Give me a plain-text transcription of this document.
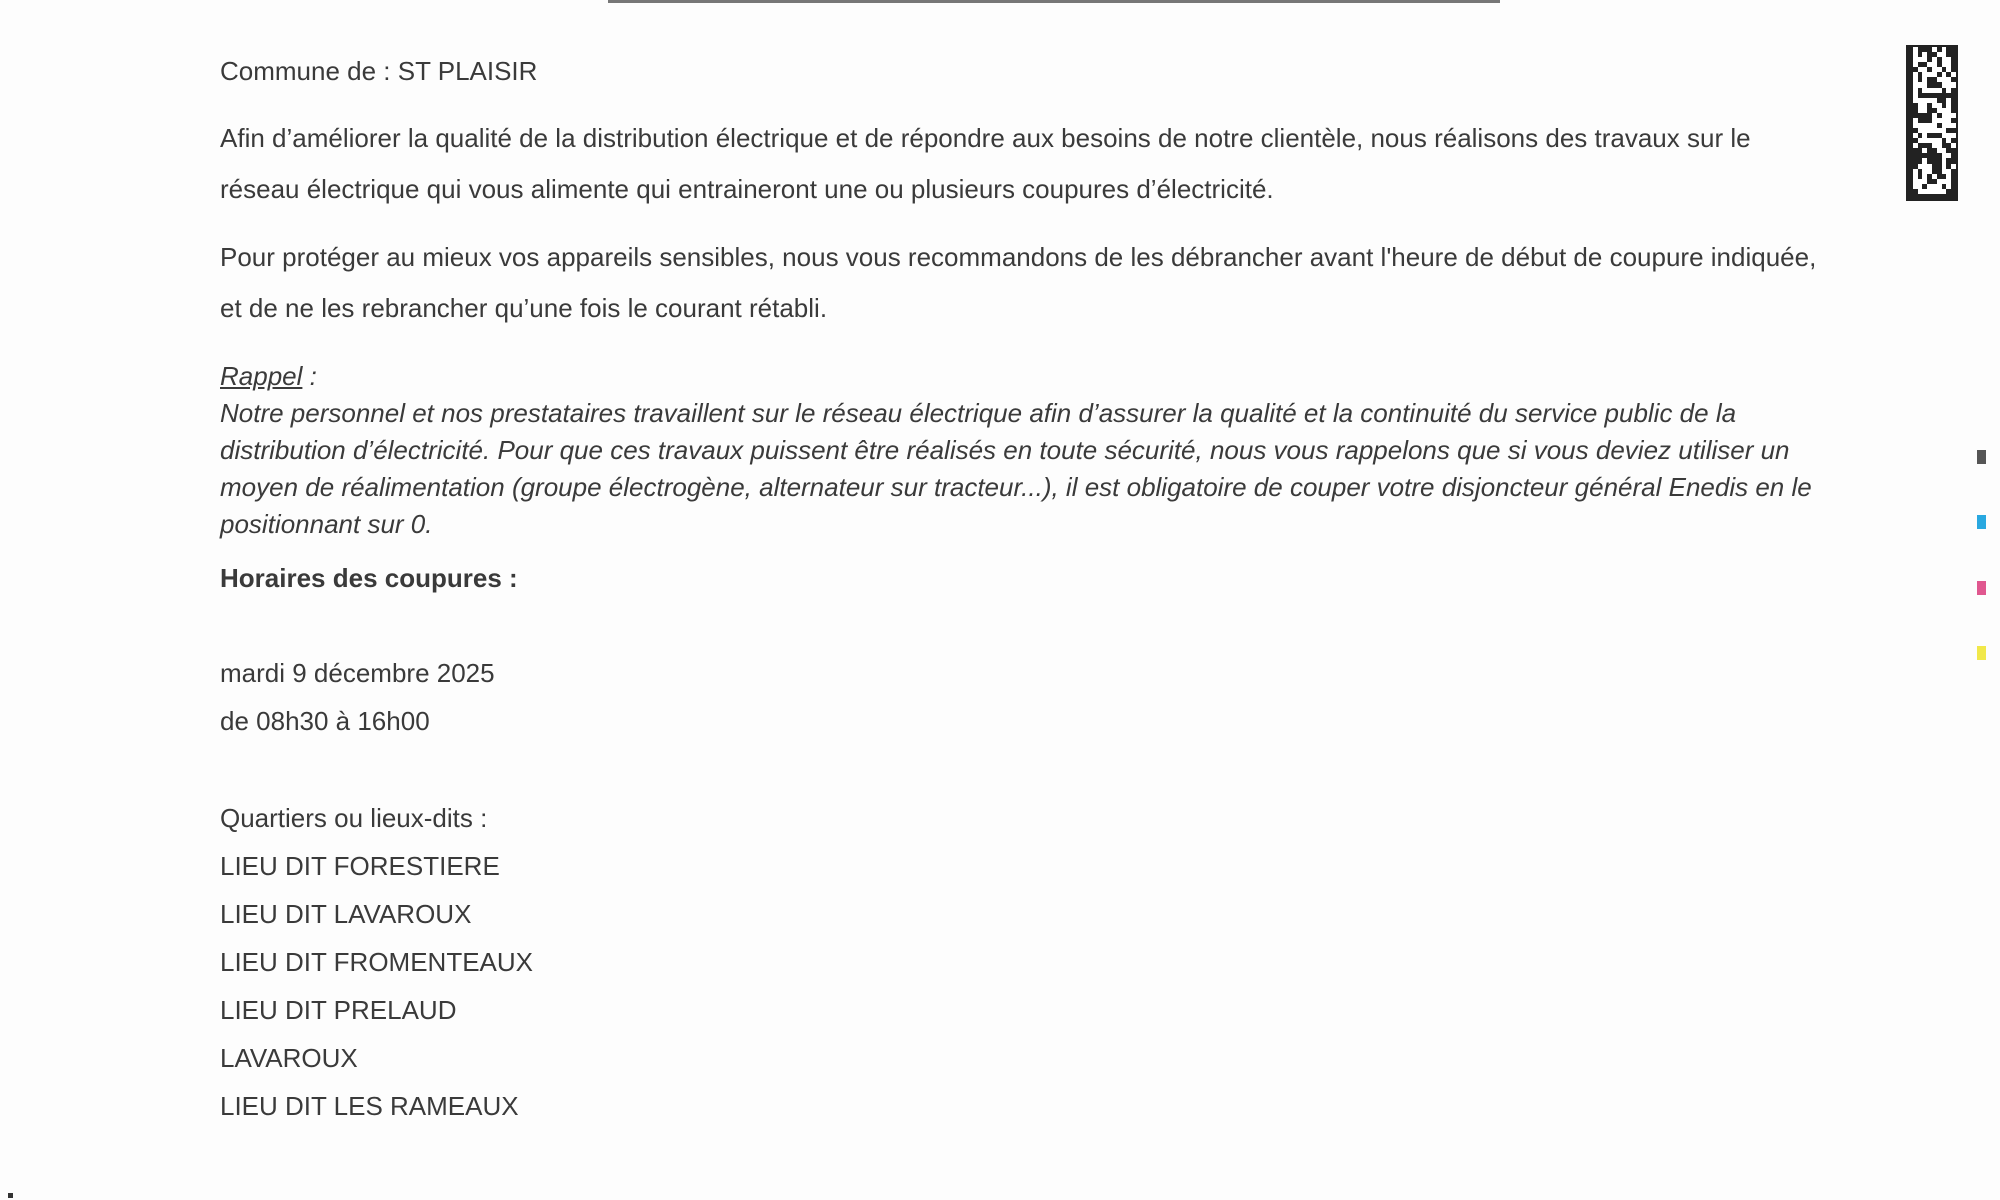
Commune de : ST PLAISIR

Afin d’améliorer la qualité de la distribution électrique et de répondre aux besoins de notre clientèle, nous réalisons des travaux sur le réseau électrique qui vous alimente qui entraineront une ou plusieurs coupures d’électricité.

Pour protéger au mieux vos appareils sensibles, nous vous recommandons de les débrancher avant l'heure de début de coupure indiquée, et de ne les rebrancher qu’une fois le courant rétabli.

Rappel :
Notre personnel et nos prestataires travaillent sur le réseau électrique afin d’assurer la qualité et la continuité du service public de la distribution d’électricité. Pour que ces travaux puissent être réalisés en toute sécurité, nous vous rappelons que si vous deviez utiliser un moyen de réalimentation (groupe électrogène, alternateur sur tracteur...), il est obligatoire de couper votre disjoncteur général Enedis en le positionnant sur 0.
Horaires des coupures :
mardi 9 décembre 2025
de 08h30 à 16h00
Quartiers ou lieux-dits :
LIEU DIT FORESTIERE
LIEU DIT LAVAROUX
LIEU DIT FROMENTEAUX
LIEU DIT PRELAUD
LAVAROUX
LIEU DIT LES RAMEAUX
